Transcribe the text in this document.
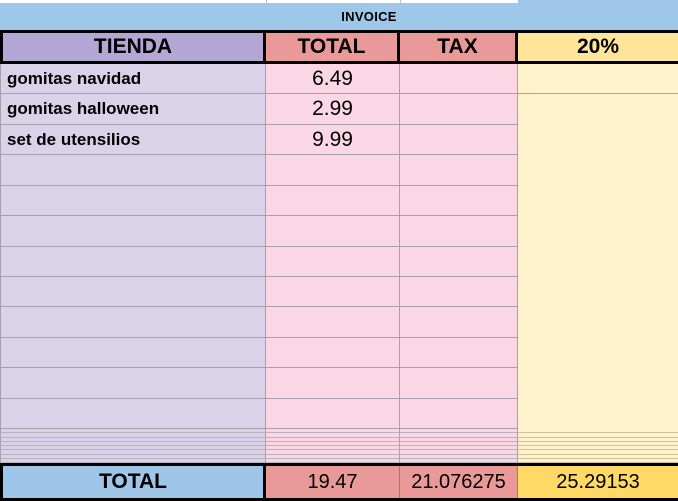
INVOICE
TIENDA	TOTAL	TAX	20%
gomitas navidad	6.49
gomitas halloween	2.99
set de utensilios	9.99
TOTAL	19.47	21.076275	25.29153
